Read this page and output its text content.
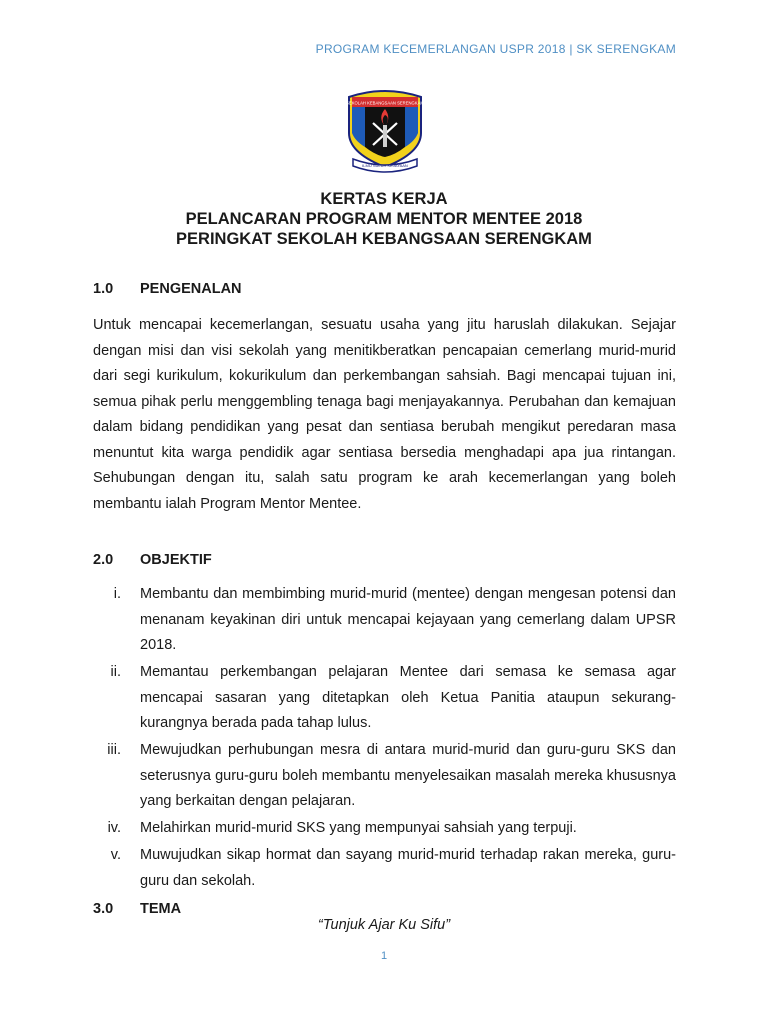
PROGRAM KECEMERLANGAN USPR 2018 | SK SERENGKAM
SEKOLAH KEBANGSAAN SERENGKAM
ILMU SULUH KEJAYAAN
KERTAS KERJA
PELANCARAN PROGRAM MENTOR MENTEE 2018
PERINGKAT SEKOLAH KEBANGSAAN SERENGKAM
1.0 PENGENALAN
Untuk mencapai kecemerlangan, sesuatu usaha yang jitu haruslah dilakukan. Sejajar dengan misi dan visi sekolah yang menitikberatkan pencapaian cemerlang murid-murid dari segi kurikulum, kokurikulum dan perkembangan sahsiah. Bagi mencapai tujuan ini, semua pihak perlu menggembling tenaga bagi menjayakannya. Perubahan dan kemajuan dalam bidang pendidikan yang pesat dan sentiasa berubah mengikut peredaran masa menuntut kita warga pendidik agar sentiasa bersedia menghadapi apa jua rintangan. Sehubungan dengan itu, salah satu program ke arah kecemerlangan yang boleh membantu ialah Program Mentor Mentee.
2.0 OBJEKTIF
i. Membantu dan membimbing murid-murid (mentee) dengan mengesan potensi dan menanam keyakinan diri untuk mencapai kejayaan yang cemerlang dalam UPSR 2018.
ii. Memantau perkembangan pelajaran Mentee dari semasa ke semasa agar mencapai sasaran yang ditetapkan oleh Ketua Panitia ataupun sekurang-kurangnya berada pada tahap lulus.
iii. Mewujudkan perhubungan mesra di antara murid-murid dan guru-guru SKS dan seterusnya guru-guru boleh membantu menyelesaikan masalah mereka khususnya yang berkaitan dengan pelajaran.
iv. Melahirkan murid-murid SKS yang mempunyai sahsiah yang terpuji.
v. Muwujudkan sikap hormat dan sayang murid-murid terhadap rakan mereka, guru-guru dan sekolah.
3.0 TEMA
“Tunjuk Ajar Ku Sifu”
1
